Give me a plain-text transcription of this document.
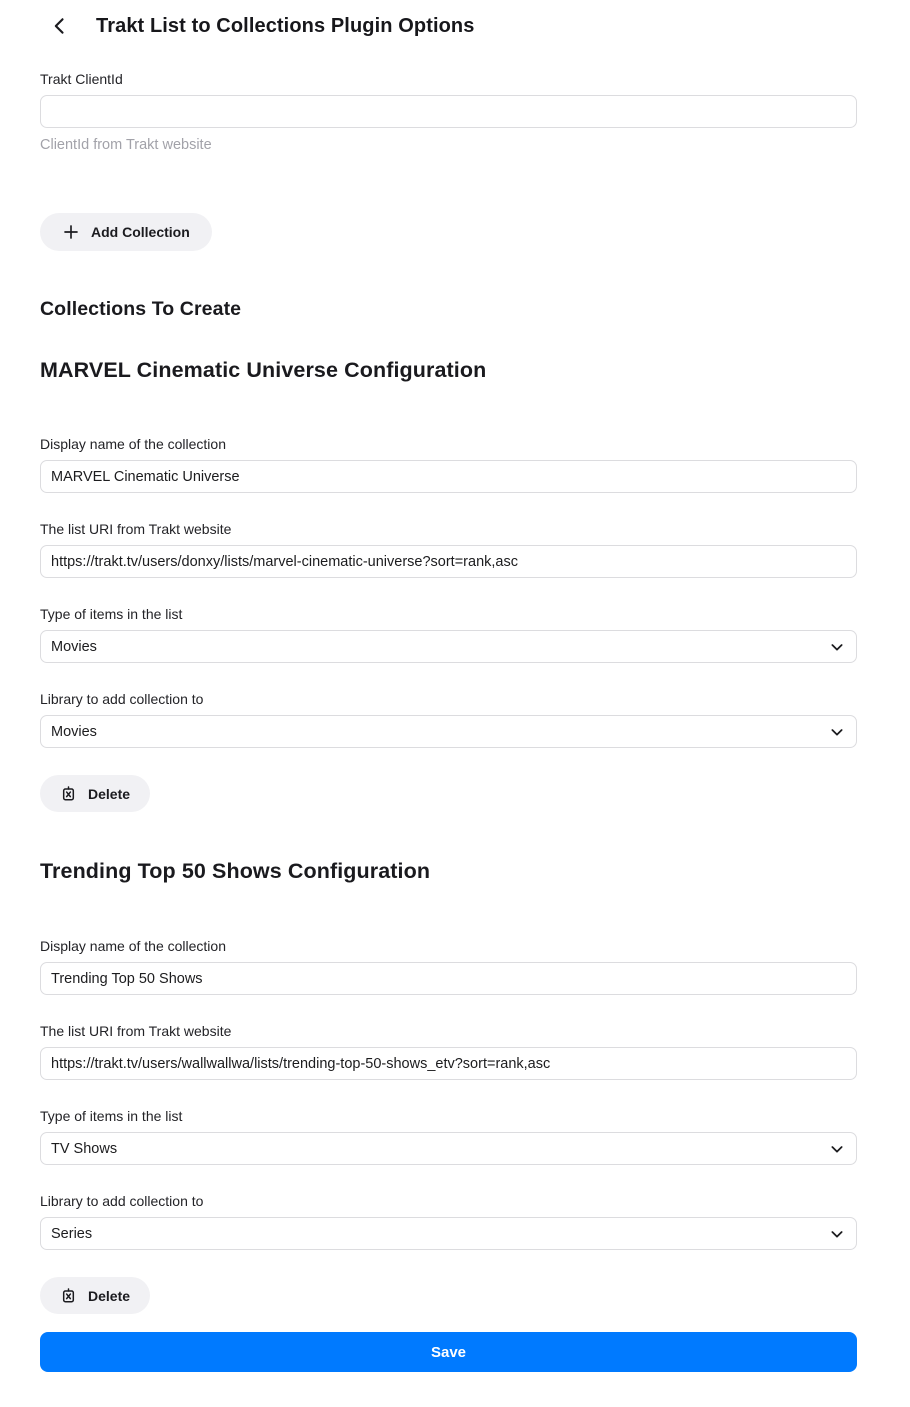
Trakt List to Collections Plugin Options
Trakt ClientId
ClientId from Trakt website
Add Collection
Collections To Create
MARVEL Cinematic Universe Configuration
Display name of the collection
MARVEL Cinematic Universe
The list URI from Trakt website
https://trakt.tv/users/donxy/lists/marvel-cinematic-universe?sort=rank,asc
Type of items in the list
Movies
Library to add collection to
Movies
Delete
Trending Top 50 Shows Configuration
Display name of the collection
Trending Top 50 Shows
The list URI from Trakt website
https://trakt.tv/users/wallwallwa/lists/trending-top-50-shows_etv?sort=rank,asc
Type of items in the list
TV Shows
Library to add collection to
Series
Delete
Save
